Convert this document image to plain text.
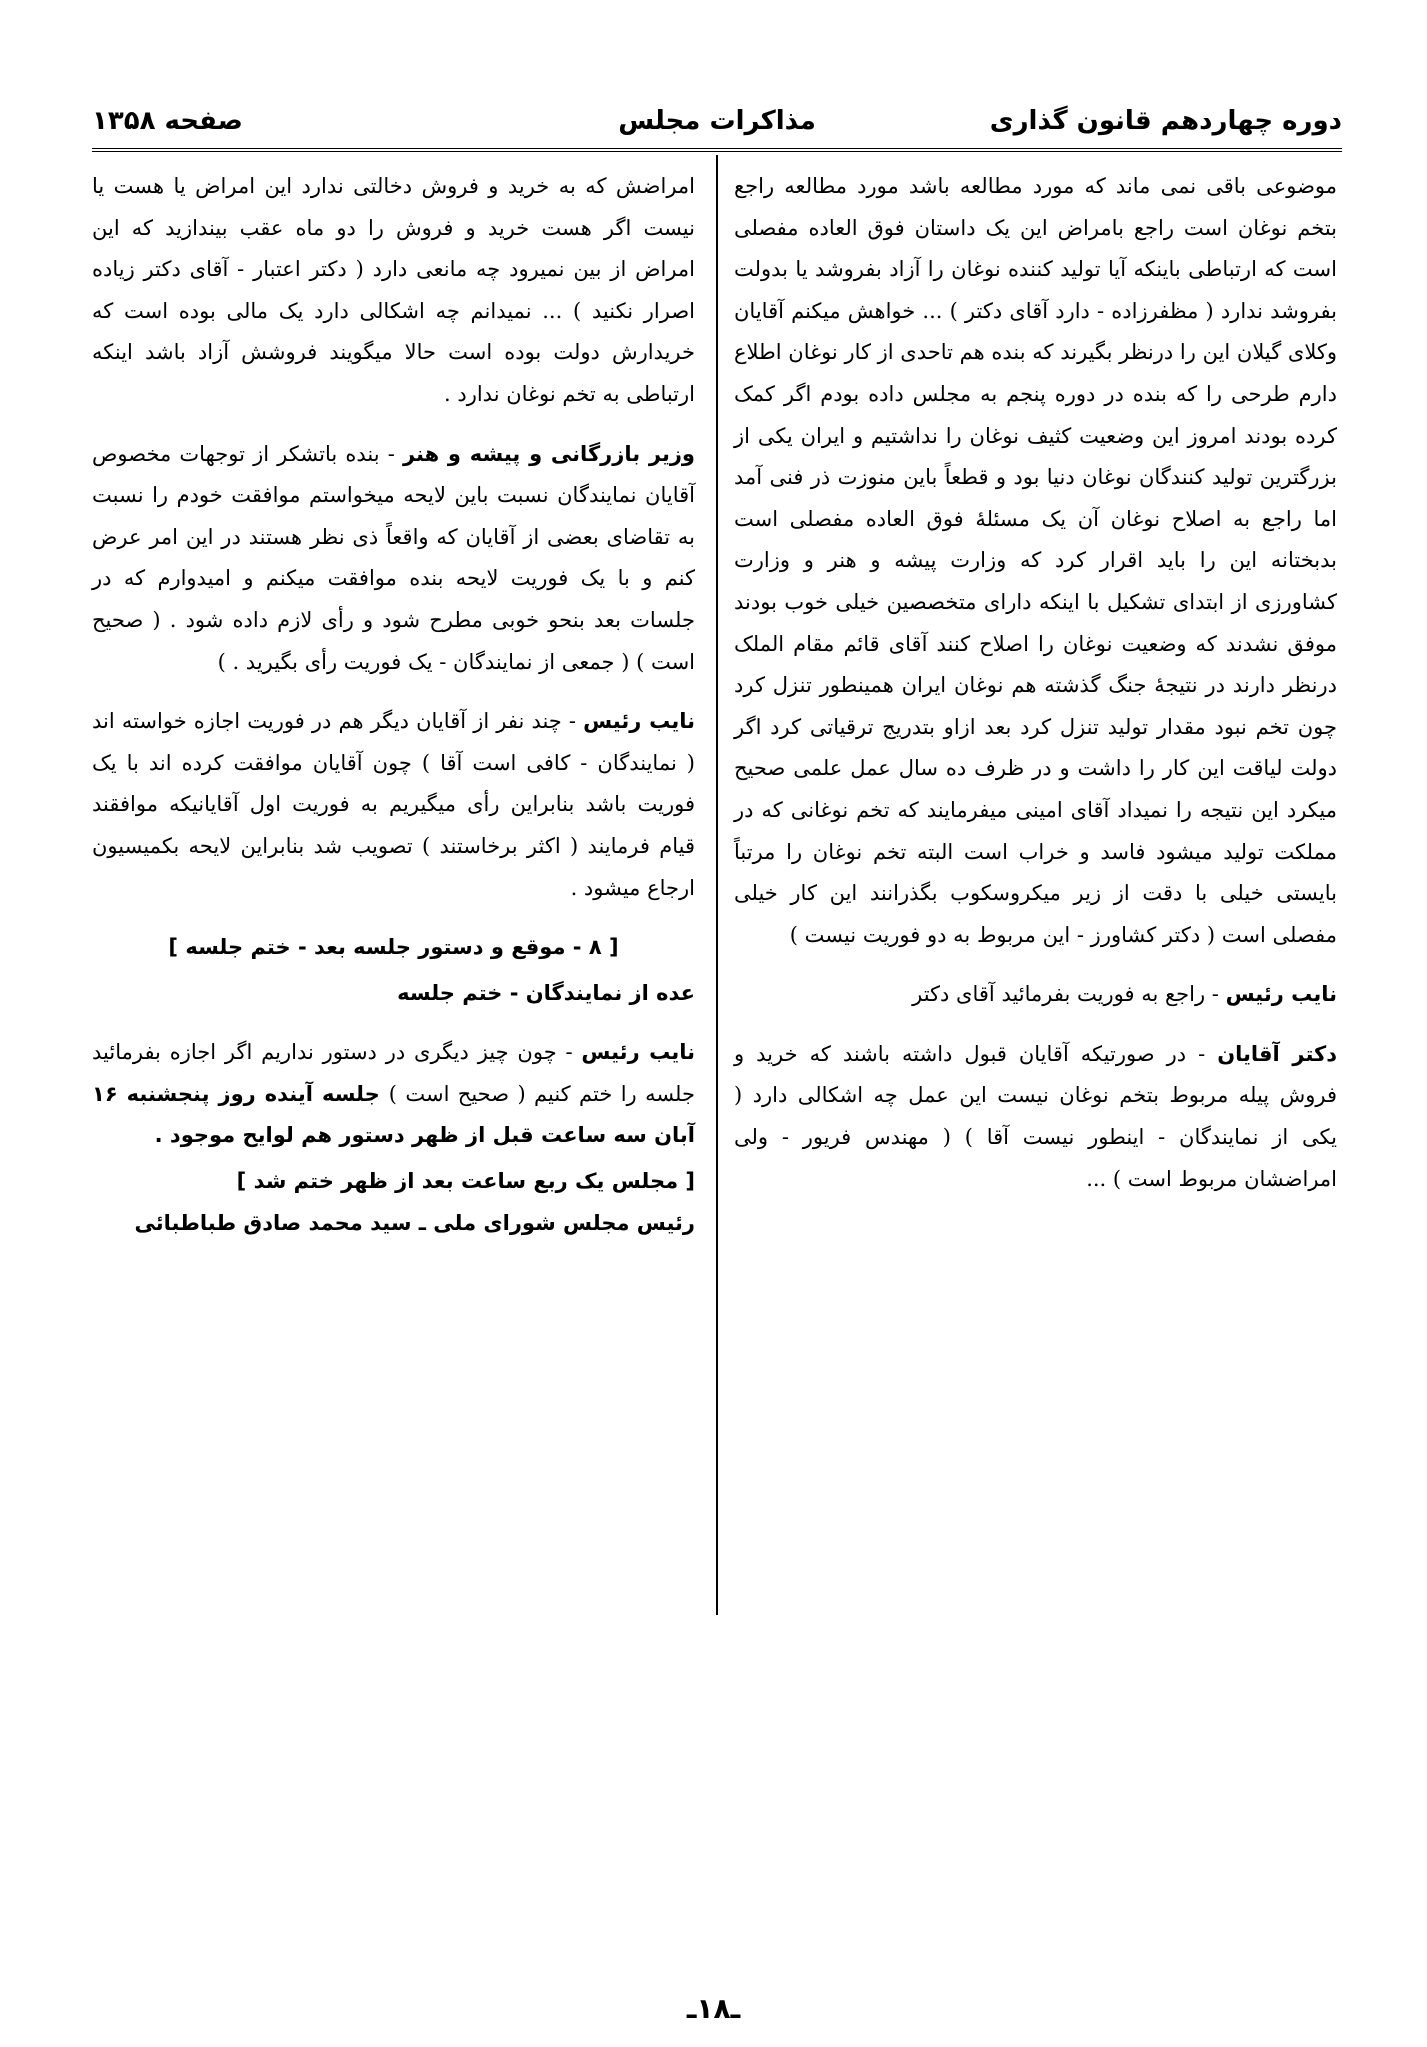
دوره چهاردهم قانون گذاری
مذاکرات مجلس
صفحه ۱۳۵۸

موضوعی باقی نمی ماند که مورد مطالعه باشد مورد مطالعه راجع بتخم نوغان است راجع بامراض این یک داستان فوق العاده مفصلی است که ارتباطی باینکه آیا تولید کننده نوغان را آزاد بفروشد یا بدولت بفروشد ندارد ( مظفرزاده - دارد آقای دکتر ) ... خواهش میکنم آقایان وکلای گیلان این را درنظر بگیرند که بنده هم تاحدی از کار نوغان اطلاع دارم طرحی را که بنده در دوره پنجم به مجلس داده بودم اگر کمک کرده بودند امروز این وضعیت کثیف نوغان را نداشتیم و ایران یکی از بزرگترین تولید کنندگان نوغان دنیا بود و قطعاً باین منوزت ذر فنی آمد اما راجع به اصلاح نوغان آن یک مسئلهٔ فوق العاده مفصلی است بدبختانه این را باید اقرار کرد که وزارت پیشه و هنر و وزارت کشاورزی از ابتدای تشکیل با اینکه دارای متخصصین خیلی خوب بودند موفق نشدند که وضعیت نوغان را اصلاح کنند آقای قائم مقام الملک درنظر دارند در نتیجهٔ جنگ گذشته هم نوغان ایران همینطور تنزل کرد چون تخم نبود مقدار تولید تنزل کرد بعد ازاو بتدریج ترقیاتی کرد اگر دولت لیاقت این کار را داشت و در ظرف ده سال عمل علمی صحیح میکرد این نتیجه را نمیداد آقای امینی میفرمایند که تخم نوغانی که در مملکت تولید میشود فاسد و خراب است البته تخم نوغان را مرتباً بایستی خیلی با دقت از زیر میکروسکوب بگذرانند این کار خیلی مفصلی است ( دکتر کشاورز - این مربوط به دو فوریت نیست )

نایب رئیس - راجع به فوریت بفرمائید آقای دکتر

دکتر آقایان - در صورتیکه آقایان قبول داشته باشند که خرید و فروش پیله مربوط بتخم نوغان نیست این عمل چه اشکالی دارد ( یکی از نمایندگان - اینطور نیست آقا ) ( مهندس فریور - ولی امراضشان مربوط است ) ...

امراضش که به خرید و فروش دخالتی ندارد این امراض یا هست یا نیست اگر هست خرید و فروش را دو ماه عقب بیندازید که این امراض از بین نمیرود چه مانعی دارد ( دکتر اعتبار - آقای دکتر زیاده اصرار نکنید ) ... نمیدانم چه اشکالی دارد یک مالی بوده است که خریدارش دولت بوده است حالا میگویند فروشش آزاد باشد اینکه ارتباطی به تخم نوغان ندارد .

وزیر بازرگانی و پیشه و هنر - بنده باتشکر از توجهات مخصوص آقایان نمایندگان نسبت باین لایحه میخواستم موافقت خودم را نسبت به تقاضای بعضی از آقایان که واقعاً ذی نظر هستند در این امر عرض کنم و با یک فوریت لایحه بنده موافقت میکنم و امیدوارم که در جلسات بعد بنحو خوبی مطرح شود و رأی لازم داده شود . ( صحیح است ) ( جمعی از نمایندگان - یک فوریت رأی بگیرید . )

نایب رئیس - چند نفر از آقایان دیگر هم در فوریت اجازه خواسته اند ( نمایندگان - کافی است آقا ) چون آقایان موافقت کرده اند با یک فوریت باشد بنابراین رأی میگیریم به فوریت اول آقایانیکه موافقند قیام فرمایند ( اکثر برخاستند ) تصویب شد بنابراین لایحه بکمیسیون ارجاع میشود .

[ ۸ - موقع و دستور جلسه بعد - ختم جلسه ]

عده از نمایندگان - ختم جلسه

نایب رئیس - چون چیز دیگری در دستور نداریم اگر اجازه بفرمائید جلسه را ختم کنیم ( صحیح است ) جلسه آینده روز پنجشنبه ۱۶ آبان سه ساعت قبل از ظهر دستور هم لوایح موجود .

[ مجلس یک ربع ساعت بعد از ظهر ختم شد ]

رئیس مجلس شورای ملی ـ سید محمد صادق طباطبائی

ـ۱۸ـ
